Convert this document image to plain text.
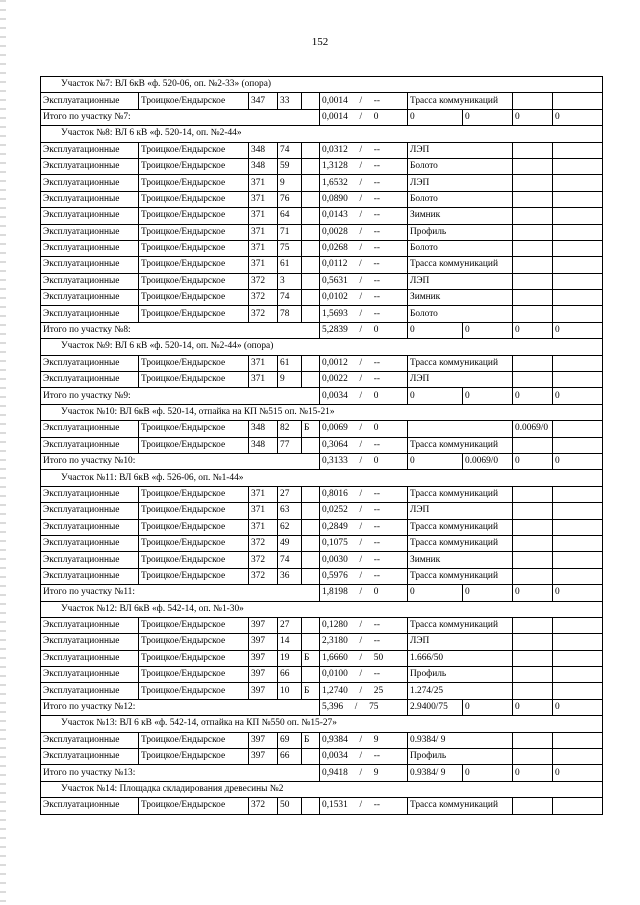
152
Участок №7: ВЛ 6кВ «ф. 520-06, оп. №2-33» (опора)									
Эксплуатационные	Троицкое/Ендырское	347	33		0,0014 / --	Трасса коммуникаций			
Итого по участку №7:					0,0014 / 0	0	0	0	0
Участок №8: ВЛ 6 кВ «ф. 520-14, оп. №2-44»									
Эксплуатационные	Троицкое/Ендырское	348	74		0,0312 / --	ЛЭП			
Эксплуатационные	Троицкое/Ендырское	348	59		1,3128 / --	Болото			
Эксплуатационные	Троицкое/Ендырское	371	9		1,6532 / --	ЛЭП			
Эксплуатационные	Троицкое/Ендырское	371	76		0,0890 / --	Болото			
Эксплуатационные	Троицкое/Ендырское	371	64		0,0143 / --	Зимник			
Эксплуатационные	Троицкое/Ендырское	371	71		0,0028 / --	Профиль			
Эксплуатационные	Троицкое/Ендырское	371	75		0,0268 / --	Болото			
Эксплуатационные	Троицкое/Ендырское	371	61		0,0112 / --	Трасса коммуникаций			
Эксплуатационные	Троицкое/Ендырское	372	3		0,5631 / --	ЛЭП			
Эксплуатационные	Троицкое/Ендырское	372	74		0,0102 / --	Зимник			
Эксплуатационные	Троицкое/Ендырское	372	78		1,5693 / --	Болото			
Итого по участку №8:					5,2839 / 0	0	0	0	0
Участок №9: ВЛ 6 кВ «ф. 520-14, оп. №2-44» (опора)									
Эксплуатационные	Троицкое/Ендырское	371	61		0,0012 / --	Трасса коммуникаций			
Эксплуатационные	Троицкое/Ендырское	371	9		0,0022 / --	ЛЭП			
Итого по участку №9:					0,0034 / 0	0	0	0	0
Участок №10: ВЛ 6кВ «ф. 520-14, отпайка на КП №515 оп. №15-21»									
Эксплуатационные	Троицкое/Ендырское	348	82	Б	0,0069 / 0			0.0069/0	
Эксплуатационные	Троицкое/Ендырское	348	77		0,3064 / --	Трасса коммуникаций			
Итого по участку №10:					0,3133 / 0	0	0.0069/0	0	0
Участок №11: ВЛ 6кВ «ф. 526-06, оп. №1-44»									
Эксплуатационные	Троицкое/Ендырское	371	27		0,8016 / --	Трасса коммуникаций			
Эксплуатационные	Троицкое/Ендырское	371	63		0,0252 / --	ЛЭП			
Эксплуатационные	Троицкое/Ендырское	371	62		0,2849 / --	Трасса коммуникаций			
Эксплуатационные	Троицкое/Ендырское	372	49		0,1075 / --	Трасса коммуникаций			
Эксплуатационные	Троицкое/Ендырское	372	74		0,0030 / --	Зимник			
Эксплуатационные	Троицкое/Ендырское	372	36		0,5976 / --	Трасса коммуникаций			
Итого по участку №11:					1,8198 / 0	0	0	0	0
Участок №12: ВЛ 6кВ «ф. 542-14, оп. №1-30»									
Эксплуатационные	Троицкое/Ендырское	397	27		0,1280 / --	Трасса коммуникаций			
Эксплуатационные	Троицкое/Ендырское	397	14		2,3180 / --	ЛЭП			
Эксплуатационные	Троицкое/Ендырское	397	19	Б	1,6660 / 50	1.666/50			
Эксплуатационные	Троицкое/Ендырское	397	66		0,0100 / --	Профиль			
Эксплуатационные	Троицкое/Ендырское	397	10	Б	1,2740 / 25	1.274/25			
Итого по участку №12:					5,396 / 75	2.9400/75	0	0	0
Участок №13: ВЛ 6 кВ «ф. 542-14, отпайка на КП №550 оп. №15-27»									
Эксплуатационные	Троицкое/Ендырское	397	69	Б	0,9384 / 9	0.9384/ 9			
Эксплуатационные	Троицкое/Ендырское	397	66		0,0034 / --	Профиль			
Итого по участку №13:					0,9418 / 9	0.9384/ 9	0	0	0
Участок №14: Площадка складирования древесины №2									
Эксплуатационные	Троицкое/Ендырское	372	50		0,1531 / --	Трасса коммуникаций			
